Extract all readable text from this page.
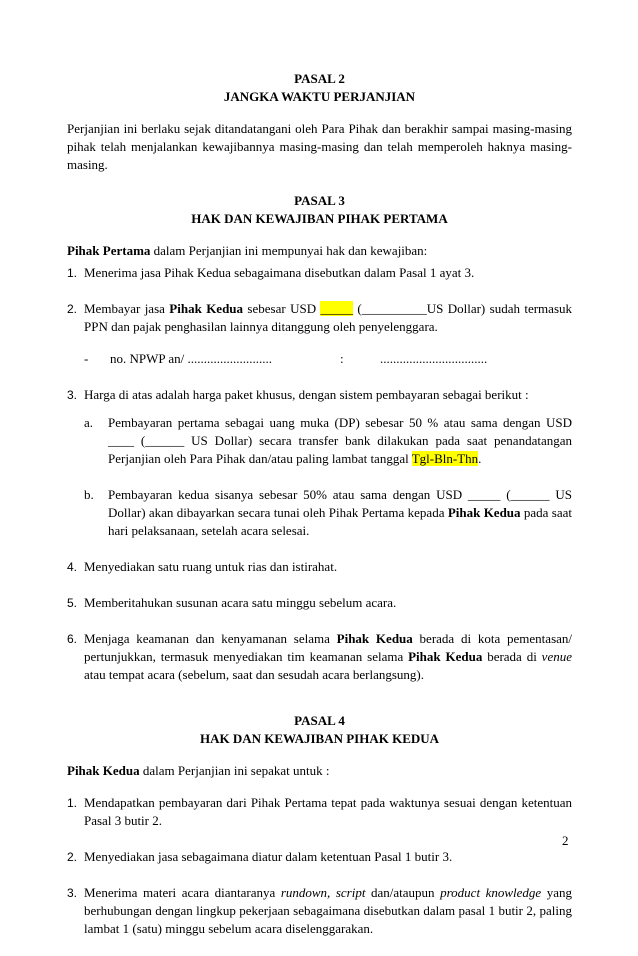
PASAL 2

JANGKA WAKTU PERJANJIAN

Perjanjian ini berlaku sejak ditandatangani oleh Para Pihak dan berakhir sampai masing-masing pihak telah menjalankan kewajibannya masing-masing dan telah memperoleh haknya masing-masing.

PASAL 3

HAK DAN KEWAJIBAN PIHAK PERTAMA

Pihak Pertama dalam Perjanjian ini mempunyai hak dan kewajiban:

1. Menerima jasa Pihak Kedua sebagaimana disebutkan dalam Pasal 1 ayat 3.
2. Membayar jasa Pihak Kedua sebesar USD _____ (__________US Dollar) sudah termasuk PPN dan pajak penghasilan lainnya ditanggung oleh penyelenggara.
-	no. NPWP an/ ..........................	:	.................................
3. Harga di atas adalah harga paket khusus, dengan sistem pembayaran sebagai berikut :
a.	Pembayaran pertama sebagai uang muka (DP) sebesar 50 % atau sama dengan USD ____ (______ US Dollar) secara transfer bank dilakukan pada saat penandatangan Perjanjian oleh Para Pihak dan/atau paling lambat tanggal Tgl-Bln-Thn.
b.	Pembayaran kedua sisanya sebesar 50% atau sama dengan USD _____ (______ US Dollar) akan dibayarkan secara tunai oleh Pihak Pertama kepada Pihak Kedua pada saat hari pelaksanaan, setelah acara selesai.
4. Menyediakan satu ruang untuk rias dan istirahat.
5. Memberitahukan susunan acara satu minggu sebelum acara.
6. Menjaga keamanan dan kenyamanan selama Pihak Kedua berada di kota pementasan/ pertunjukkan, termasuk menyediakan tim keamanan selama Pihak Kedua berada di venue atau tempat acara (sebelum, saat dan sesudah acara berlangsung).

PASAL 4

HAK DAN KEWAJIBAN PIHAK KEDUA

Pihak Kedua dalam Perjanjian ini sepakat untuk :

1. Mendapatkan pembayaran dari Pihak Pertama tepat pada waktunya sesuai dengan ketentuan Pasal 3 butir 2.
2. Menyediakan jasa sebagaimana diatur dalam ketentuan Pasal 1 butir 3.
3. Menerima materi acara diantaranya rundown, script dan/ataupun product knowledge yang berhubungan dengan lingkup pekerjaan sebagaimana disebutkan dalam pasal 1 butir 2, paling lambat 1 (satu) minggu sebelum acara diselenggarakan.
2
